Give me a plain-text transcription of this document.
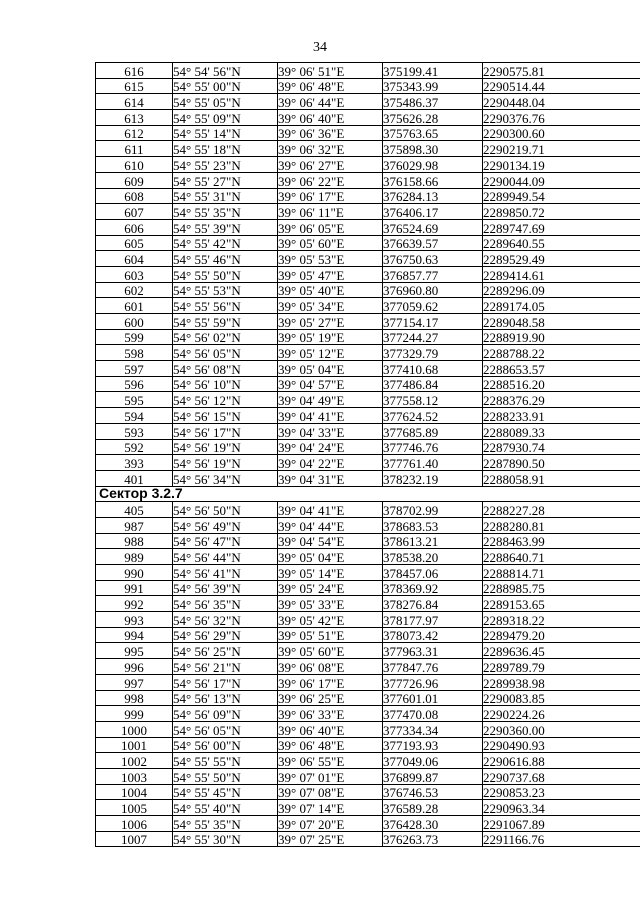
34
616	54° 54' 56"N	39° 06' 51"E	375199.41	2290575.81
615	54° 55' 00"N	39° 06' 48"E	375343.99	2290514.44
614	54° 55' 05"N	39° 06' 44"E	375486.37	2290448.04
613	54° 55' 09"N	39° 06' 40"E	375626.28	2290376.76
612	54° 55' 14"N	39° 06' 36"E	375763.65	2290300.60
611	54° 55' 18"N	39° 06' 32"E	375898.30	2290219.71
610	54° 55' 23"N	39° 06' 27"E	376029.98	2290134.19
609	54° 55' 27"N	39° 06' 22"E	376158.66	2290044.09
608	54° 55' 31"N	39° 06' 17"E	376284.13	2289949.54
607	54° 55' 35"N	39° 06' 11"E	376406.17	2289850.72
606	54° 55' 39"N	39° 06' 05"E	376524.69	2289747.69
605	54° 55' 42"N	39° 05' 60"E	376639.57	2289640.55
604	54° 55' 46"N	39° 05' 53"E	376750.63	2289529.49
603	54° 55' 50"N	39° 05' 47"E	376857.77	2289414.61
602	54° 55' 53"N	39° 05' 40"E	376960.80	2289296.09
601	54° 55' 56"N	39° 05' 34"E	377059.62	2289174.05
600	54° 55' 59"N	39° 05' 27"E	377154.17	2289048.58
599	54° 56' 02"N	39° 05' 19"E	377244.27	2288919.90
598	54° 56' 05"N	39° 05' 12"E	377329.79	2288788.22
597	54° 56' 08"N	39° 05' 04"E	377410.68	2288653.57
596	54° 56' 10"N	39° 04' 57"E	377486.84	2288516.20
595	54° 56' 12"N	39° 04' 49"E	377558.12	2288376.29
594	54° 56' 15"N	39° 04' 41"E	377624.52	2288233.91
593	54° 56' 17"N	39° 04' 33"E	377685.89	2288089.33
592	54° 56' 19"N	39° 04' 24"E	377746.76	2287930.74
393	54° 56' 19"N	39° 04' 22"E	377761.40	2287890.50
401	54° 56' 34"N	39° 04' 31"E	378232.19	2288058.91
Сектор 3.2.7				
405	54° 56' 50"N	39° 04' 41"E	378702.99	2288227.28
987	54° 56' 49"N	39° 04' 44"E	378683.53	2288280.81
988	54° 56' 47"N	39° 04' 54"E	378613.21	2288463.99
989	54° 56' 44"N	39° 05' 04"E	378538.20	2288640.71
990	54° 56' 41"N	39° 05' 14"E	378457.06	2288814.71
991	54° 56' 39"N	39° 05' 24"E	378369.92	2288985.75
992	54° 56' 35"N	39° 05' 33"E	378276.84	2289153.65
993	54° 56' 32"N	39° 05' 42"E	378177.97	2289318.22
994	54° 56' 29"N	39° 05' 51"E	378073.42	2289479.20
995	54° 56' 25"N	39° 05' 60"E	377963.31	2289636.45
996	54° 56' 21"N	39° 06' 08"E	377847.76	2289789.79
997	54° 56' 17"N	39° 06' 17"E	377726.96	2289938.98
998	54° 56' 13"N	39° 06' 25"E	377601.01	2290083.85
999	54° 56' 09"N	39° 06' 33"E	377470.08	2290224.26
1000	54° 56' 05"N	39° 06' 40"E	377334.34	2290360.00
1001	54° 56' 00"N	39° 06' 48"E	377193.93	2290490.93
1002	54° 55' 55"N	39° 06' 55"E	377049.06	2290616.88
1003	54° 55' 50"N	39° 07' 01"E	376899.87	2290737.68
1004	54° 55' 45"N	39° 07' 08"E	376746.53	2290853.23
1005	54° 55' 40"N	39° 07' 14"E	376589.28	2290963.34
1006	54° 55' 35"N	39° 07' 20"E	376428.30	2291067.89
1007	54° 55' 30"N	39° 07' 25"E	376263.73	2291166.76
